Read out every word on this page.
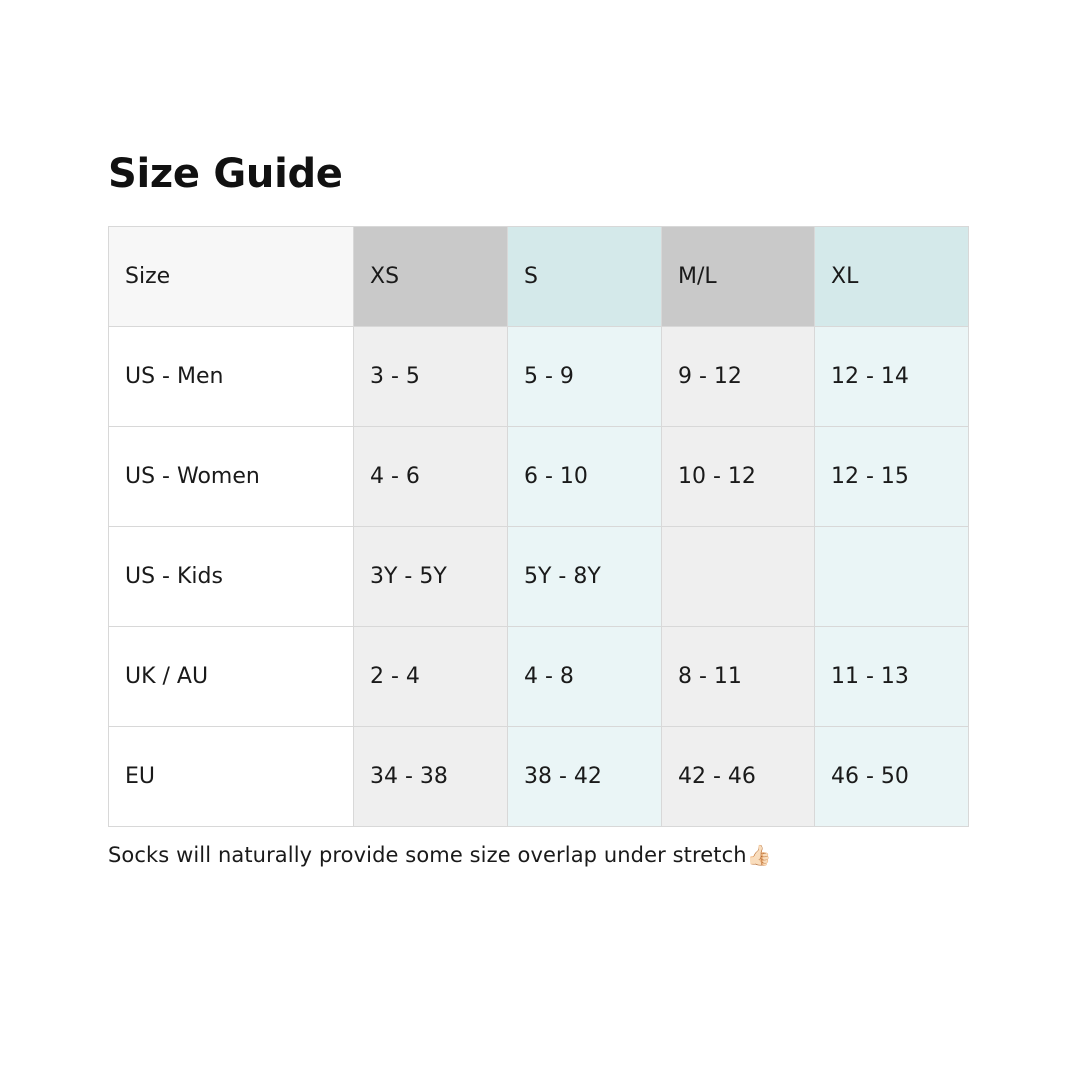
Size Guide
Size	XS	S	M/L	XL
US - Men	3 - 5	5 - 9	9 - 12	12 - 14
US - Women	4 - 6	6 - 10	10 - 12	12 - 15
US - Kids	3Y - 5Y	5Y - 8Y		
UK / AU	2 - 4	4 - 8	8 - 11	11 - 13
EU	34 - 38	38 - 42	42 - 46	46 - 50
Socks will naturally provide some size overlap under stretch👍🏻
